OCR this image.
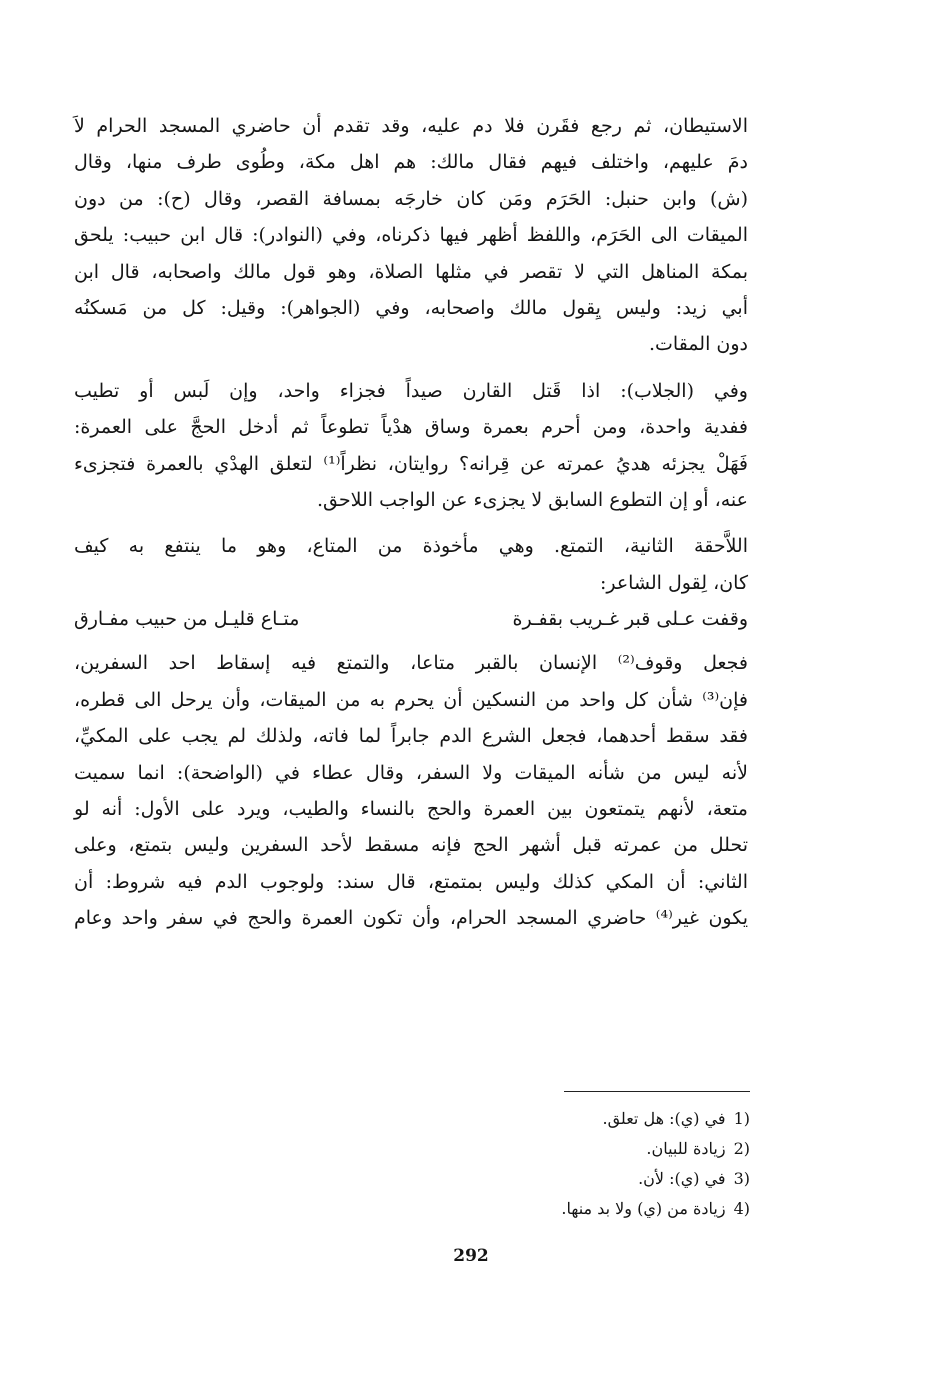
الاستيطان، ثم رجع فقَرن فلا دم عليه، وقد تقدم أن حاضري المسجد الحرام لاَ
دمَ عليهم، واختلف فيهم فقال مالك: هم اهل مكة، وطُوى طرف منها، وقال
(ش) وابن حنبل: الحَرَم ومَن كان خارجَه بمسافة القصر، وقال (ح): من دون
الميقات الى الحَرَم، واللفظ أظهر فيها ذكرناه، وفي (النوادر): قال ابن حبيب: يلحق
بمكة المناهل التي لا تقصر في مثلها الصلاة، وهو قول مالك واصحابه، قال ابن
أبي زيد: وليس يِقول مالك واصحابه، وفي (الجواهر): وقيل: كل من مَسكنُه
دون المقات.
وفي (الجلاب): اذا قَتل القارن صيداً فجزاء واحد، وإن لَبس أو تطيب
ففدية واحدة، ومن أحرم بعمرة وساق هدْياً تطوعاً ثم أدخل الحجَّ على العمرة:
فَهَلْ يجزئه هديُ عمرته عن قِرانه؟ روايتان، نظراً⁽¹⁾ لتعلق الهدْي بالعمرة فتجزىء
عنه، أو إن التطوع السابق لا يجزىء عن الواجب اللاحق.
اللاَّحقة الثانية، التمتع. وهي مأخوذة من المتاع، وهو ما ينتفع به كيف
كان، لِقول الشاعر:
وقفت عـلى قبر غـريب بقفـرة
متـاع قليـل من حبيب مفـارق
فجعل وقوف⁽²⁾ الإنسان بالقبر متاعا، والتمتع فيه إسقاط احد السفرين،
فإن⁽³⁾ شأن كل واحد من النسكين أن يحرم به من الميقات، وأن يرحل الى قطره،
فقد سقط أحدهما، فجعل الشرع الدم جابراً لما فاته، ولذلك لم يجب على المكيِّ،
لأنه ليس من شأنه الميقات ولا السفر، وقال عطاء في (الواضحة): انما سميت
متعة، لأنهم يتمتعون بين العمرة والحج بالنساء والطيب، ويرد على الأول: أنه لو
تحلل من عمرته قبل أشهر الحج فإنه مسقط لأحد السفرين وليس بتمتع، وعلى
الثاني: أن المكي كذلك وليس بمتمتع، قال سند: ولوجوب الدم فيه شروط: أن
يكون غير⁽⁴⁾ حاضري المسجد الحرام، وأن تكون العمرة والحج في سفر واحد وعام
1)
في (ي): هل تعلق.
2)
زيادة للبيان.
3)
في (ي): لأن.
4)
زيادة من (ي) ولا بد منها.
292
